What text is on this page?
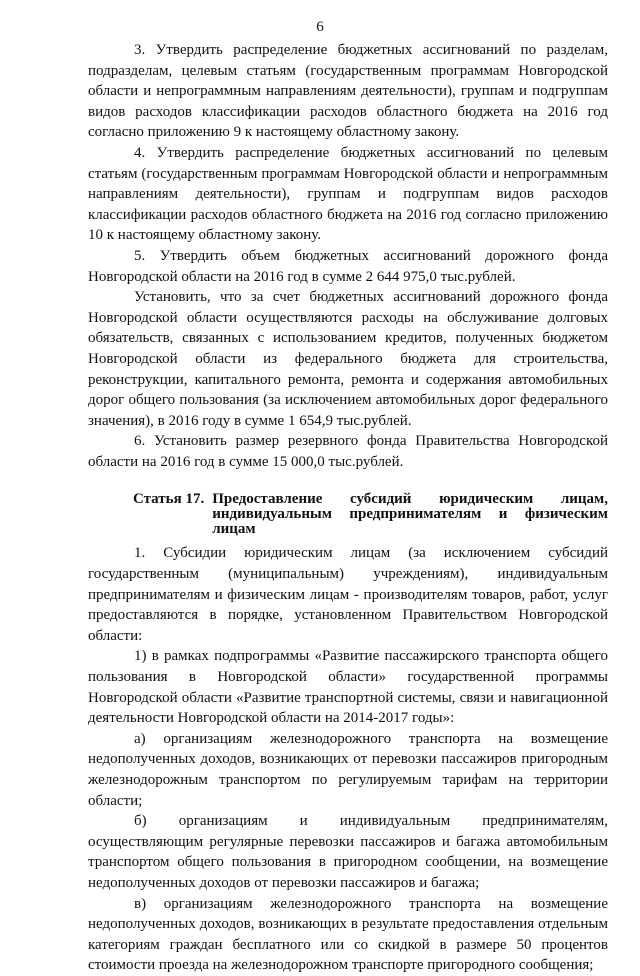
6

3. Утвердить распределение бюджетных ассигнований по разделам, подразделам, целевым статьям (государственным программам Новгородской области и непрограммным направлениям деятельности), группам и подгруппам видов расходов классификации расходов областного бюджета на 2016 год согласно приложению 9 к настоящему областному закону.

4. Утвердить распределение бюджетных ассигнований по целевым статьям (государственным программам Новгородской области и непрограммным направлениям деятельности), группам и подгруппам видов расходов классификации расходов областного бюджета на 2016 год согласно приложению 10 к настоящему областному закону.

5. Утвердить объем бюджетных ассигнований дорожного фонда Новгородской области на 2016 год в сумме 2 644 975,0 тыс.рублей.

Установить, что за счет бюджетных ассигнований дорожного фонда Новгородской области осуществляются расходы на обслуживание долговых обязательств, связанных с использованием кредитов, полученных бюджетом Новгородской области из федерального бюджета для строительства, реконструкции, капитального ремонта, ремонта и содержания автомобильных дорог общего пользования (за исключением автомобильных дорог федерального значения), в 2016 году в сумме 1 654,9 тыс.рублей.

6. Установить размер резервного фонда Правительства Новгородской области на 2016 год в сумме 15 000,0 тыс.рублей.

Статья 17. Предоставление субсидий юридическим лицам, индивидуальным предпринимателям и физическим лицам

1. Субсидии юридическим лицам (за исключением субсидий государственным (муниципальным) учреждениям), индивидуальным предпринимателям и физическим лицам - производителям товаров, работ, услуг предоставляются в порядке, установленном Правительством Новгородской области:

1) в рамках подпрограммы «Развитие пассажирского транспорта общего пользования в Новгородской области» государственной программы Новгородской области «Развитие транспортной системы, связи и навигационной деятельности Новгородской области на 2014-2017 годы»:

а) организациям железнодорожного транспорта на возмещение недополученных доходов, возникающих от перевозки пассажиров пригородным железнодорожным транспортом по регулируемым тарифам на территории области;

б) организациям и индивидуальным предпринимателям, осуществляющим регулярные перевозки пассажиров и багажа автомобильным транспортом общего пользования в пригородном сообщении, на возмещение недополученных доходов от перевозки пассажиров и багажа;

в) организациям железнодорожного транспорта на возмещение недополученных доходов, возникающих в результате предоставления отдельным категориям граждан бесплатного или со скидкой в размере 50 процентов стоимости проезда на железнодорожном транспорте пригородного сообщения;
